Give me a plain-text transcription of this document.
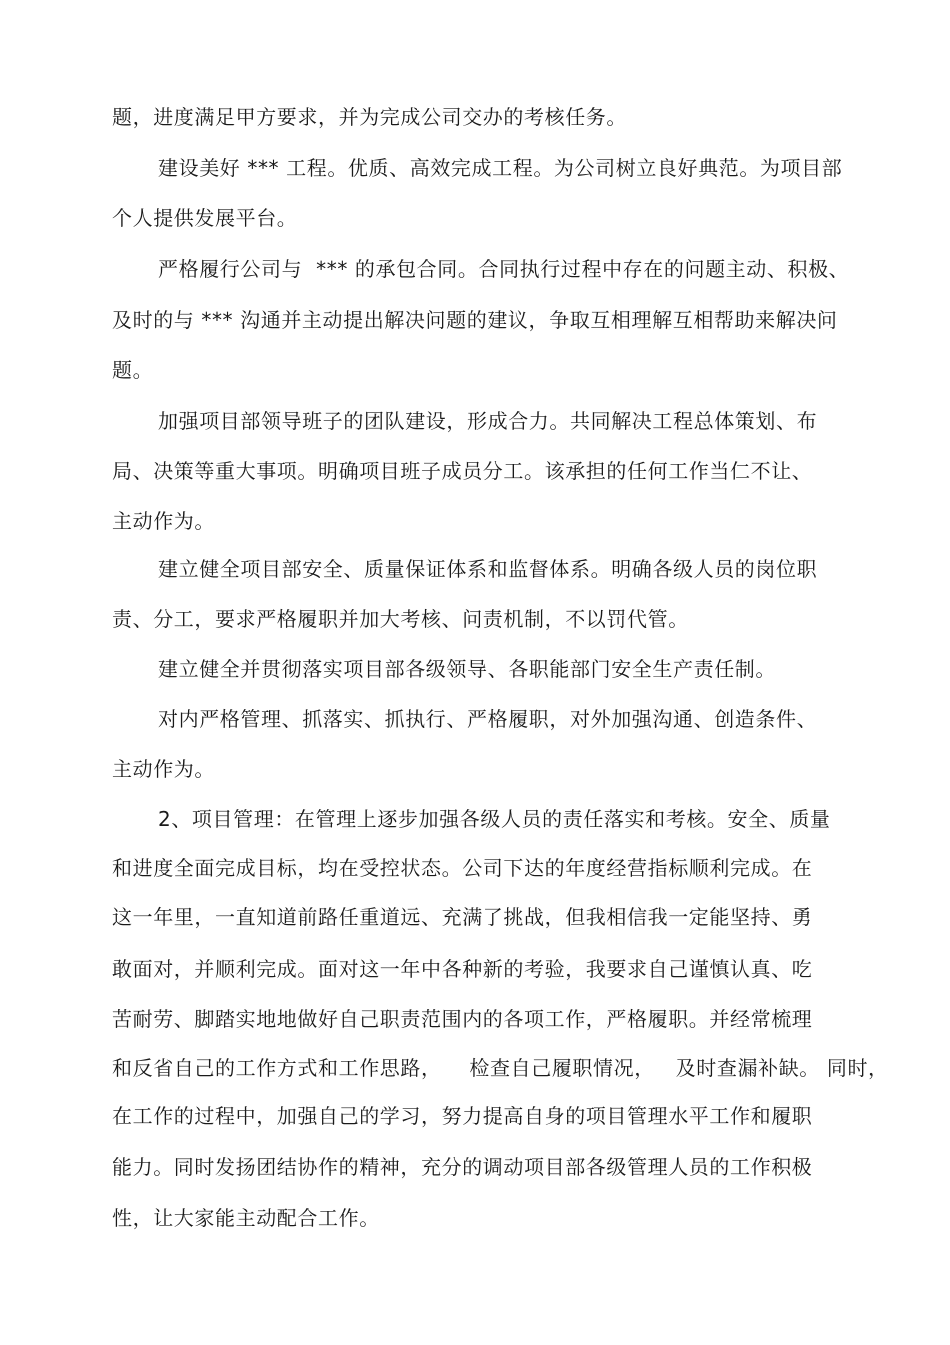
题，进度满足甲方要求，并为完成公司交办的考核任务。
建设美好 *** 工程。优质、高效完成工程。为公司树立良好典范。为项目部
个人提供发展平台。
严格履行公司与  *** 的承包合同。合同执行过程中存在的问题主动、积极、
及时的与 *** 沟通并主动提出解决问题的建议，争取互相理解互相帮助来解决问
题。
加强项目部领导班子的团队建设，形成合力。共同解决工程总体策划、布
局、决策等重大事项。明确项目班子成员分工。该承担的任何工作当仁不让、
主动作为。
建立健全项目部安全、质量保证体系和监督体系。明确各级人员的岗位职
责、分工，要求严格履职并加大考核、问责机制，不以罚代管。
建立健全并贯彻落实项目部各级领导、各职能部门安全生产责任制。
对内严格管理、抓落实、抓执行、严格履职，对外加强沟通、创造条件、
主动作为。
2、项目管理：在管理上逐步加强各级人员的责任落实和考核。安全、质量
和进度全面完成目标，均在受控状态。公司下达的年度经营指标顺利完成。在
这一年里，一直知道前路任重道远、充满了挑战，但我相信我一定能坚持、勇
敢面对，并顺利完成。面对这一年中各种新的考验，我要求自己谨慎认真、吃
苦耐劳、脚踏实地地做好自己职责范围内的各项工作，严格履职。并经常梳理
和反省自己的工作方式和工作思路，    检查自己履职情况，   及时查漏补缺。 同时，
在工作的过程中，加强自己的学习，努力提高自身的项目管理水平工作和履职
能力。同时发扬团结协作的精神，充分的调动项目部各级管理人员的工作积极
性，让大家能主动配合工作。
